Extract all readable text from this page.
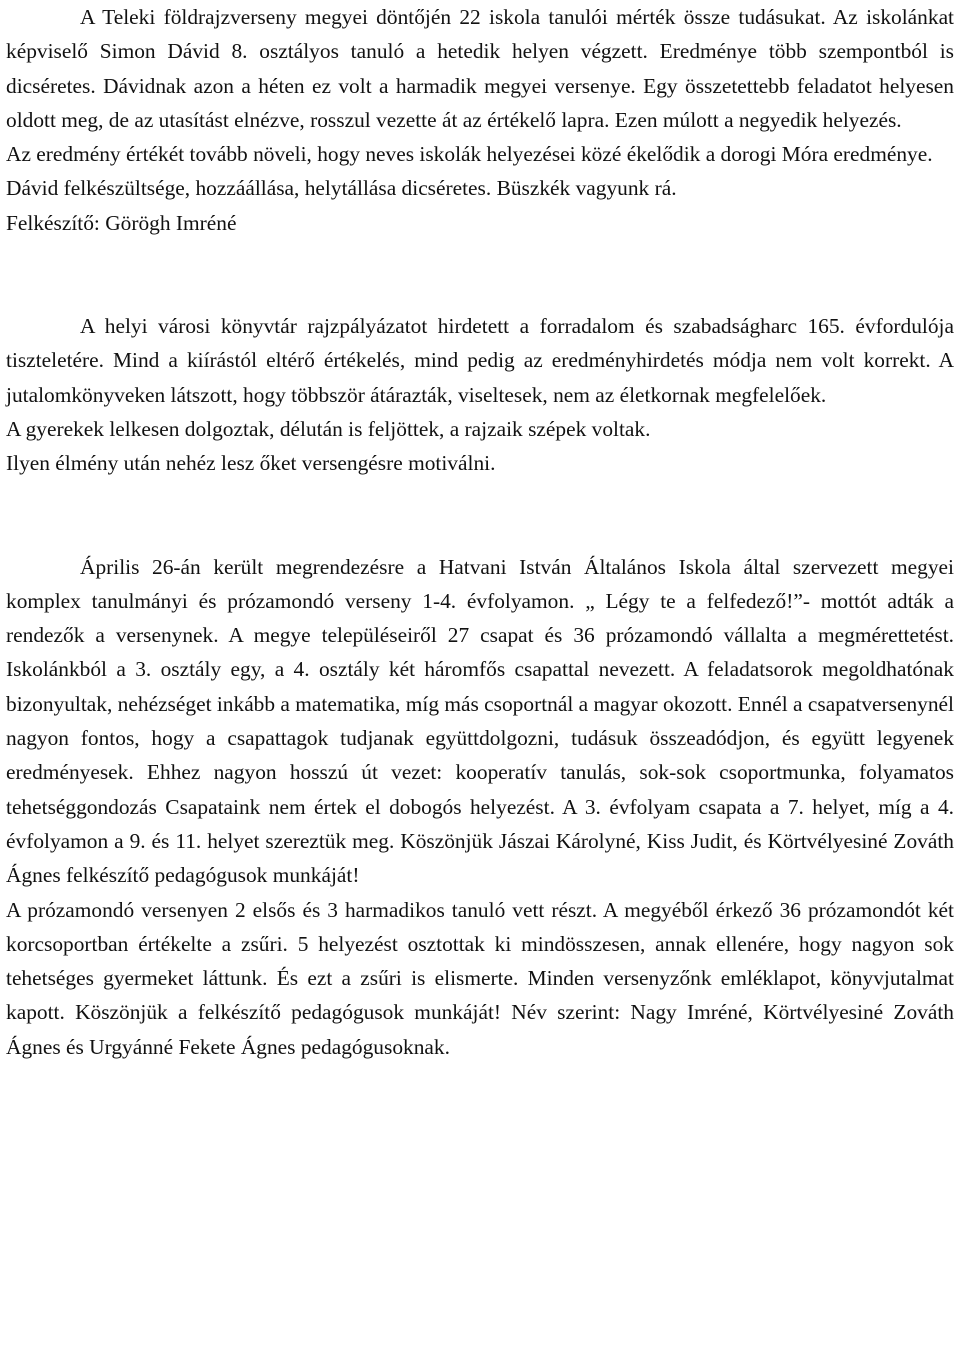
A Teleki földrajzverseny megyei döntőjén 22 iskola tanulói mérték össze tudásukat. Az iskolánkat képviselő Simon Dávid 8. osztályos tanuló a hetedik helyen végzett. Eredménye több szempontból is dicséretes. Dávidnak azon a héten ez volt a harmadik megyei versenye. Egy összetettebb feladatot helyesen oldott meg, de az utasítást elnézve, rosszul vezette át az értékelő lapra. Ezen múlott a negyedik helyezés.

Az eredmény értékét tovább növeli, hogy neves iskolák helyezései közé ékelődik a dorogi Móra eredménye.

Dávid felkészültsége, hozzáállása, helytállása dicséretes. Büszkék vagyunk rá.

Felkészítő: Görögh Imréné

A helyi városi könyvtár rajzpályázatot hirdetett a forradalom és szabadságharc 165. évfordulója tiszteletére. Mind a kiírástól eltérő értékelés, mind pedig az eredményhirdetés módja nem volt korrekt. A jutalomkönyveken látszott, hogy többször átárazták, viseltesek, nem az életkornak megfelelőek.

A gyerekek lelkesen dolgoztak, délután is feljöttek, a rajzaik szépek voltak.

Ilyen élmény után nehéz lesz őket versengésre motiválni.

Április 26-án került megrendezésre a Hatvani István Általános Iskola által szervezett megyei komplex tanulmányi és prózamondó verseny 1-4. évfolyamon. „ Légy te a felfedező!”- mottót adták a rendezők a versenynek. A megye településeiről 27 csapat és 36 prózamondó vállalta a megmérettetést. Iskolánkból a 3. osztály egy, a 4. osztály két háromfős csapattal nevezett. A feladatsorok megoldhatónak bizonyultak, nehézséget inkább a matematika, míg más csoportnál a magyar okozott. Ennél a csapatversenynél nagyon fontos, hogy a csapattagok tudjanak együttdolgozni, tudásuk összeadódjon, és együtt legyenek eredményesek. Ehhez nagyon hosszú út vezet: kooperatív tanulás, sok-sok csoportmunka, folyamatos tehetséggondozás Csapataink nem értek el dobogós helyezést. A 3. évfolyam csapata a 7. helyet, míg a 4. évfolyamon a 9. és 11. helyet szereztük meg. Köszönjük Jászai Károlyné, Kiss Judit, és Körtvélyesiné Zováth Ágnes felkészítő pedagógusok munkáját!

A prózamondó versenyen 2 elsős és 3 harmadikos tanuló vett részt. A megyéből érkező 36 prózamondót két korcsoportban értékelte a zsűri. 5 helyezést osztottak ki mindösszesen, annak ellenére, hogy nagyon sok tehetséges gyermeket láttunk. És ezt a zsűri is elismerte. Minden versenyzőnk emléklapot, könyvjutalmat kapott. Köszönjük a felkészítő pedagógusok munkáját! Név szerint: Nagy Imréné, Körtvélyesiné Zováth Ágnes és Urgyánné Fekete Ágnes pedagógusoknak.
